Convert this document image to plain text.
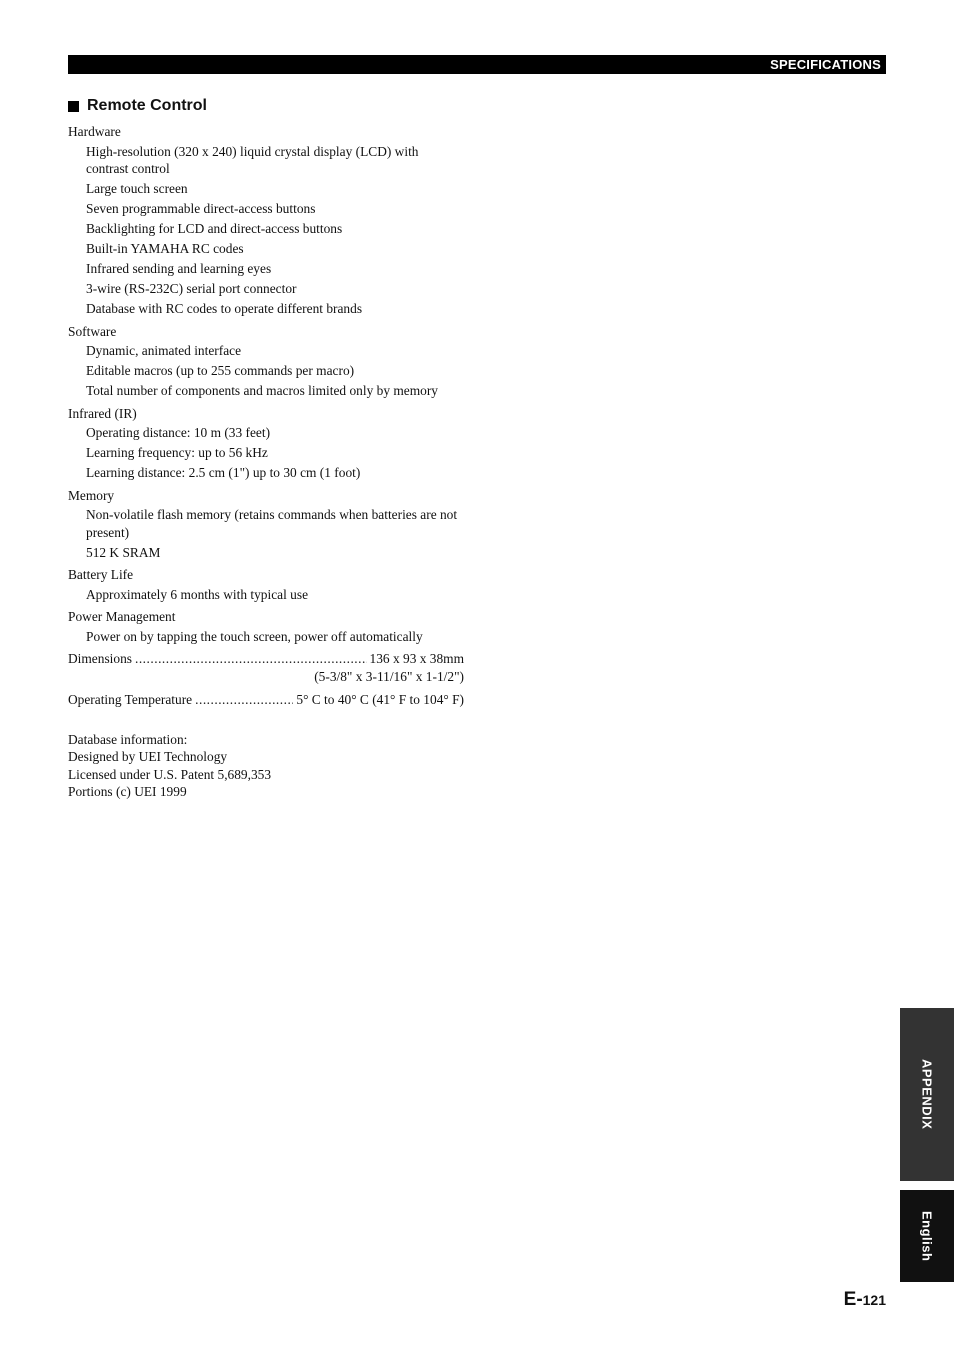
SPECIFICATIONS
Remote Control
Hardware
High-resolution (320 x 240) liquid crystal display (LCD) with contrast control
Large touch screen
Seven programmable direct-access buttons
Backlighting for LCD and direct-access buttons
Built-in YAMAHA RC codes
Infrared sending and learning eyes
3-wire (RS-232C) serial port connector
Database with RC codes to operate different brands
Software
Dynamic, animated interface
Editable macros (up to 255 commands per macro)
Total number of components and macros limited only by memory
Infrared (IR)
Operating distance: 10 m (33 feet)
Learning frequency: up to 56 kHz
Learning distance: 2.5 cm (1") up to 30 cm (1 foot)
Memory
Non-volatile flash memory (retains commands when batteries are not present)
512 K SRAM
Battery Life
Approximately 6 months with typical use
Power Management
Power on by tapping the touch screen, power off automatically
Dimensions .....	136 x 93 x 38mm
(5-3/8" x 3-11/16" x 1-1/2")
Operating Temperature .....	5° C to 40° C (41° F to 104° F)
Database information:
Designed by UEI Technology
Licensed under U.S. Patent 5,689,353
Portions (c) UEI 1999
APPENDIX
English
E-121
